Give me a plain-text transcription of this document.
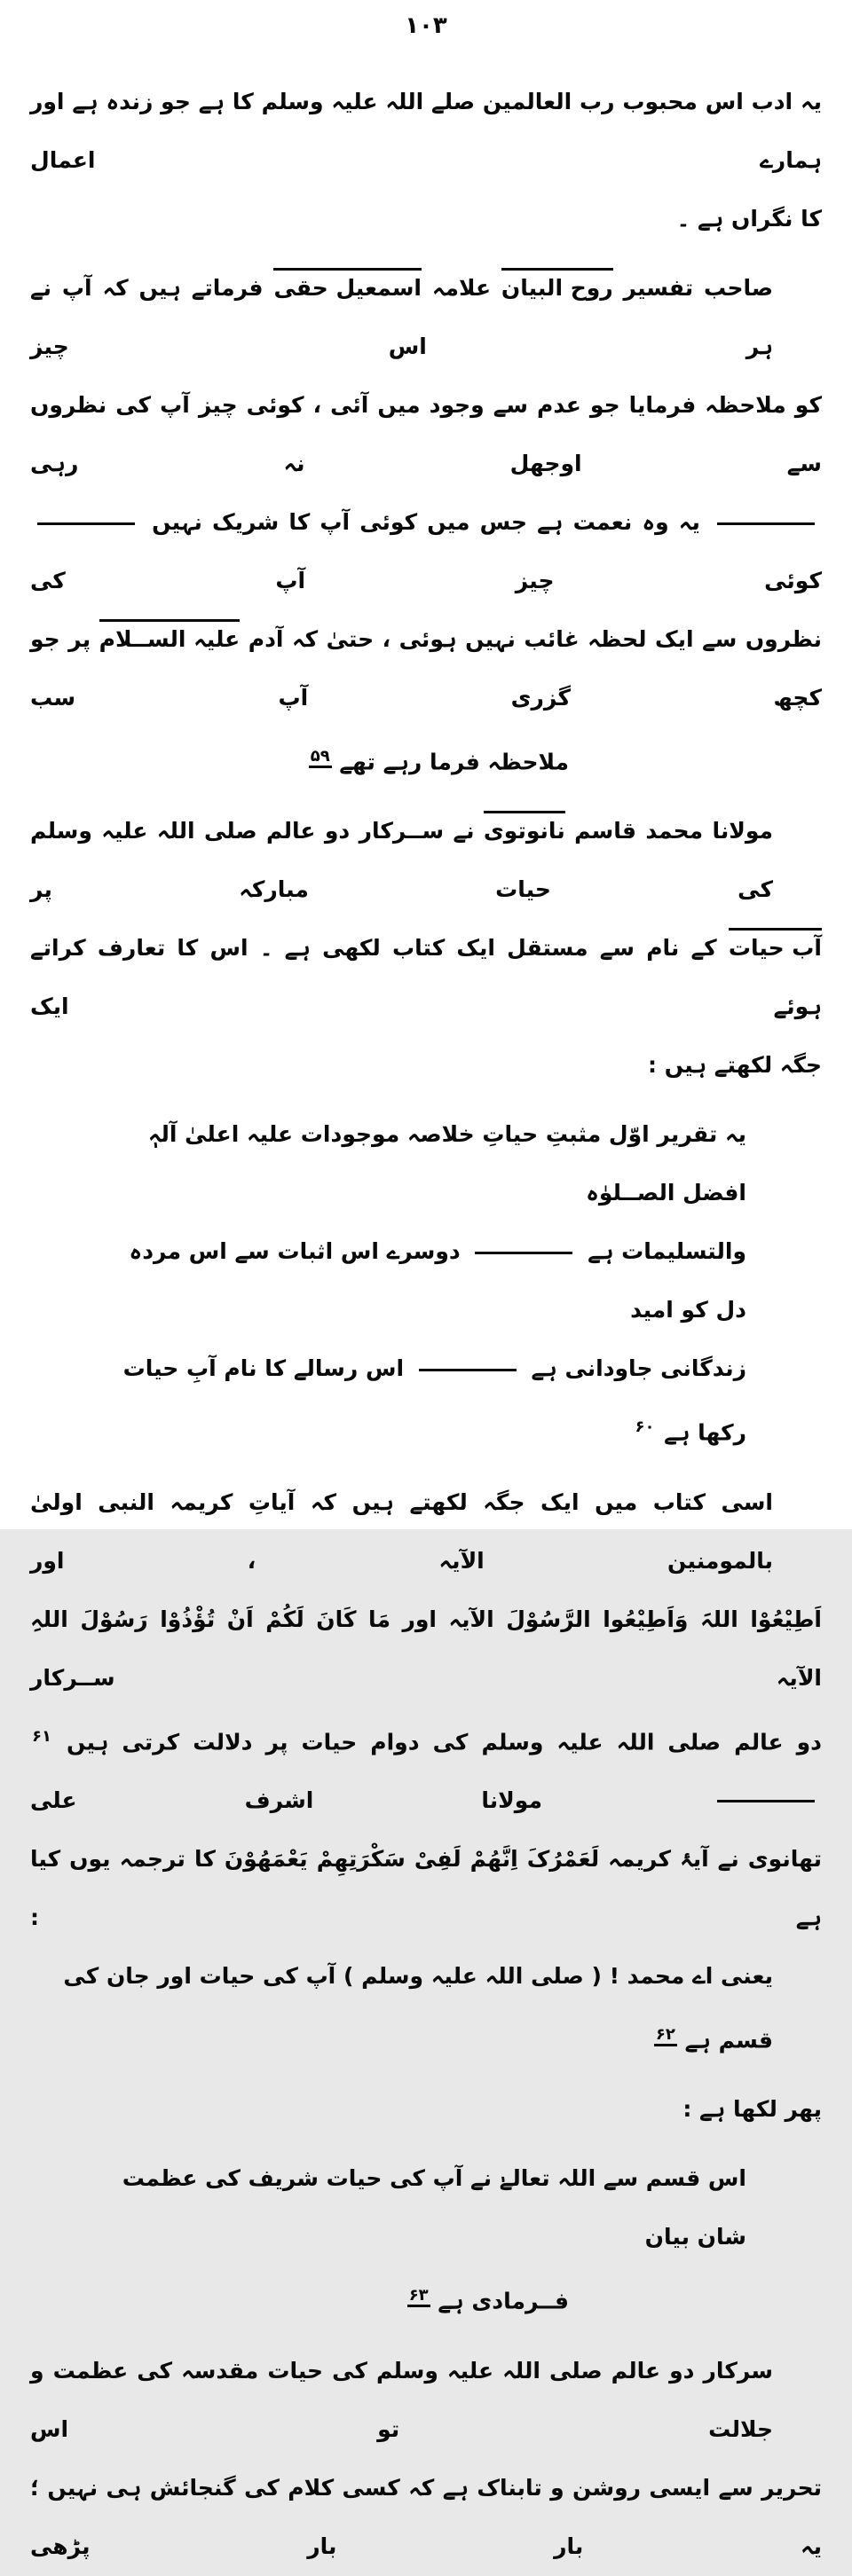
۱۰۳
یہ ادب اس محبوب رب العالمین صلے اللہ علیہ وسلم کا ہے جو زندہ ہے اور ہمارے اعمال
کا نگراں ہے ۔
صاحب تفسیر روح البیان علامہ اسمعیل حقی فرماتے ہیں کہ آپ نے ہر اس چیز
کو ملاحظہ فرمایا جو عدم سے وجود میں آئی ، کوئی چیز آپ کی نظروں سے اوجھل نہ رہی
یہ وہ نعمت ہے جس میں کوئی آپ کا شریک نہیں  کوئی چیز آپ کی
نظروں سے ایک لحظہ غائب نہیں ہوئی ، حتیٰ کہ آدم علیہ الســلام پر جو کچھ گزری آپ سب
ملاحظہ فرما رہے تھے $^{۵۹}$
مولانا محمد قاسم نانوتوی نے ســرکار دو عالم صلی اللہ علیہ وسلم کی حیات مبارکہ پر
آب حیات کے نام سے مستقل ایک کتاب لکھی ہے ۔ اس کا تعارف کراتے ہوئے ایک
جگہ لکھتے ہیں :
یہ تقریر اوّل مثبتِ حیاتِ خلاصہ موجودات علیہ اعلیٰ آلہٖ افضل الصــلوٰہ
والتسلیمات ہے  دوسرے اس اثبات سے اس مردہ دل کو امید
زندگانی جاودانی ہے  اس رسالے کا نام آبِ حیات رکھا ہے $^{۶۰}$
اسی کتاب میں ایک جگہ لکھتے ہیں کہ آیاتِ کریمہ النبی اولیٰ بالمومنین الآیہ ، اور
اَطِیْعُوْا اللہَ وَاَطِیْعُوا الرَّسُوْلَ الآیہ اور مَا کَانَ لَکُمْ اَنْ تُؤْذُوْا رَسُوْلَ اللہِ الآیہ ســرکار
دو عالم صلی اللہ علیہ وسلم کی دوام حیات پر دلالت کرتی ہیں $^{۶۱}$ مولانا اشرف علی
تھانوی نے آیۂ کریمہ لَعَمْرُکَ اِنَّھُمْ لَفِیْ سَکْرَتِھِمْ یَعْمَھُوْنَ کا ترجمہ یوں کیا ہے :
یعنی اے محمد ! ( صلی اللہ علیہ وسلم ) آپ کی حیات اور جان کی قسم ہے $^{۶۲}$
پھر لکھا ہے :
اس قسم سے اللہ تعالےٰ نے آپ کی حیات شریف کی عظمت شان بیان
فــرمادی ہے $^{۶۳}$
سرکار دو عالم صلی اللہ علیہ وسلم کی حیات مقدسہ کی عظمت و جلالت تو اس
تحریر سے ایسی روشن و تابناک ہے کہ کسی کلام کی گنجائش ہی نہیں ؛ یہ بار بار پڑھی
